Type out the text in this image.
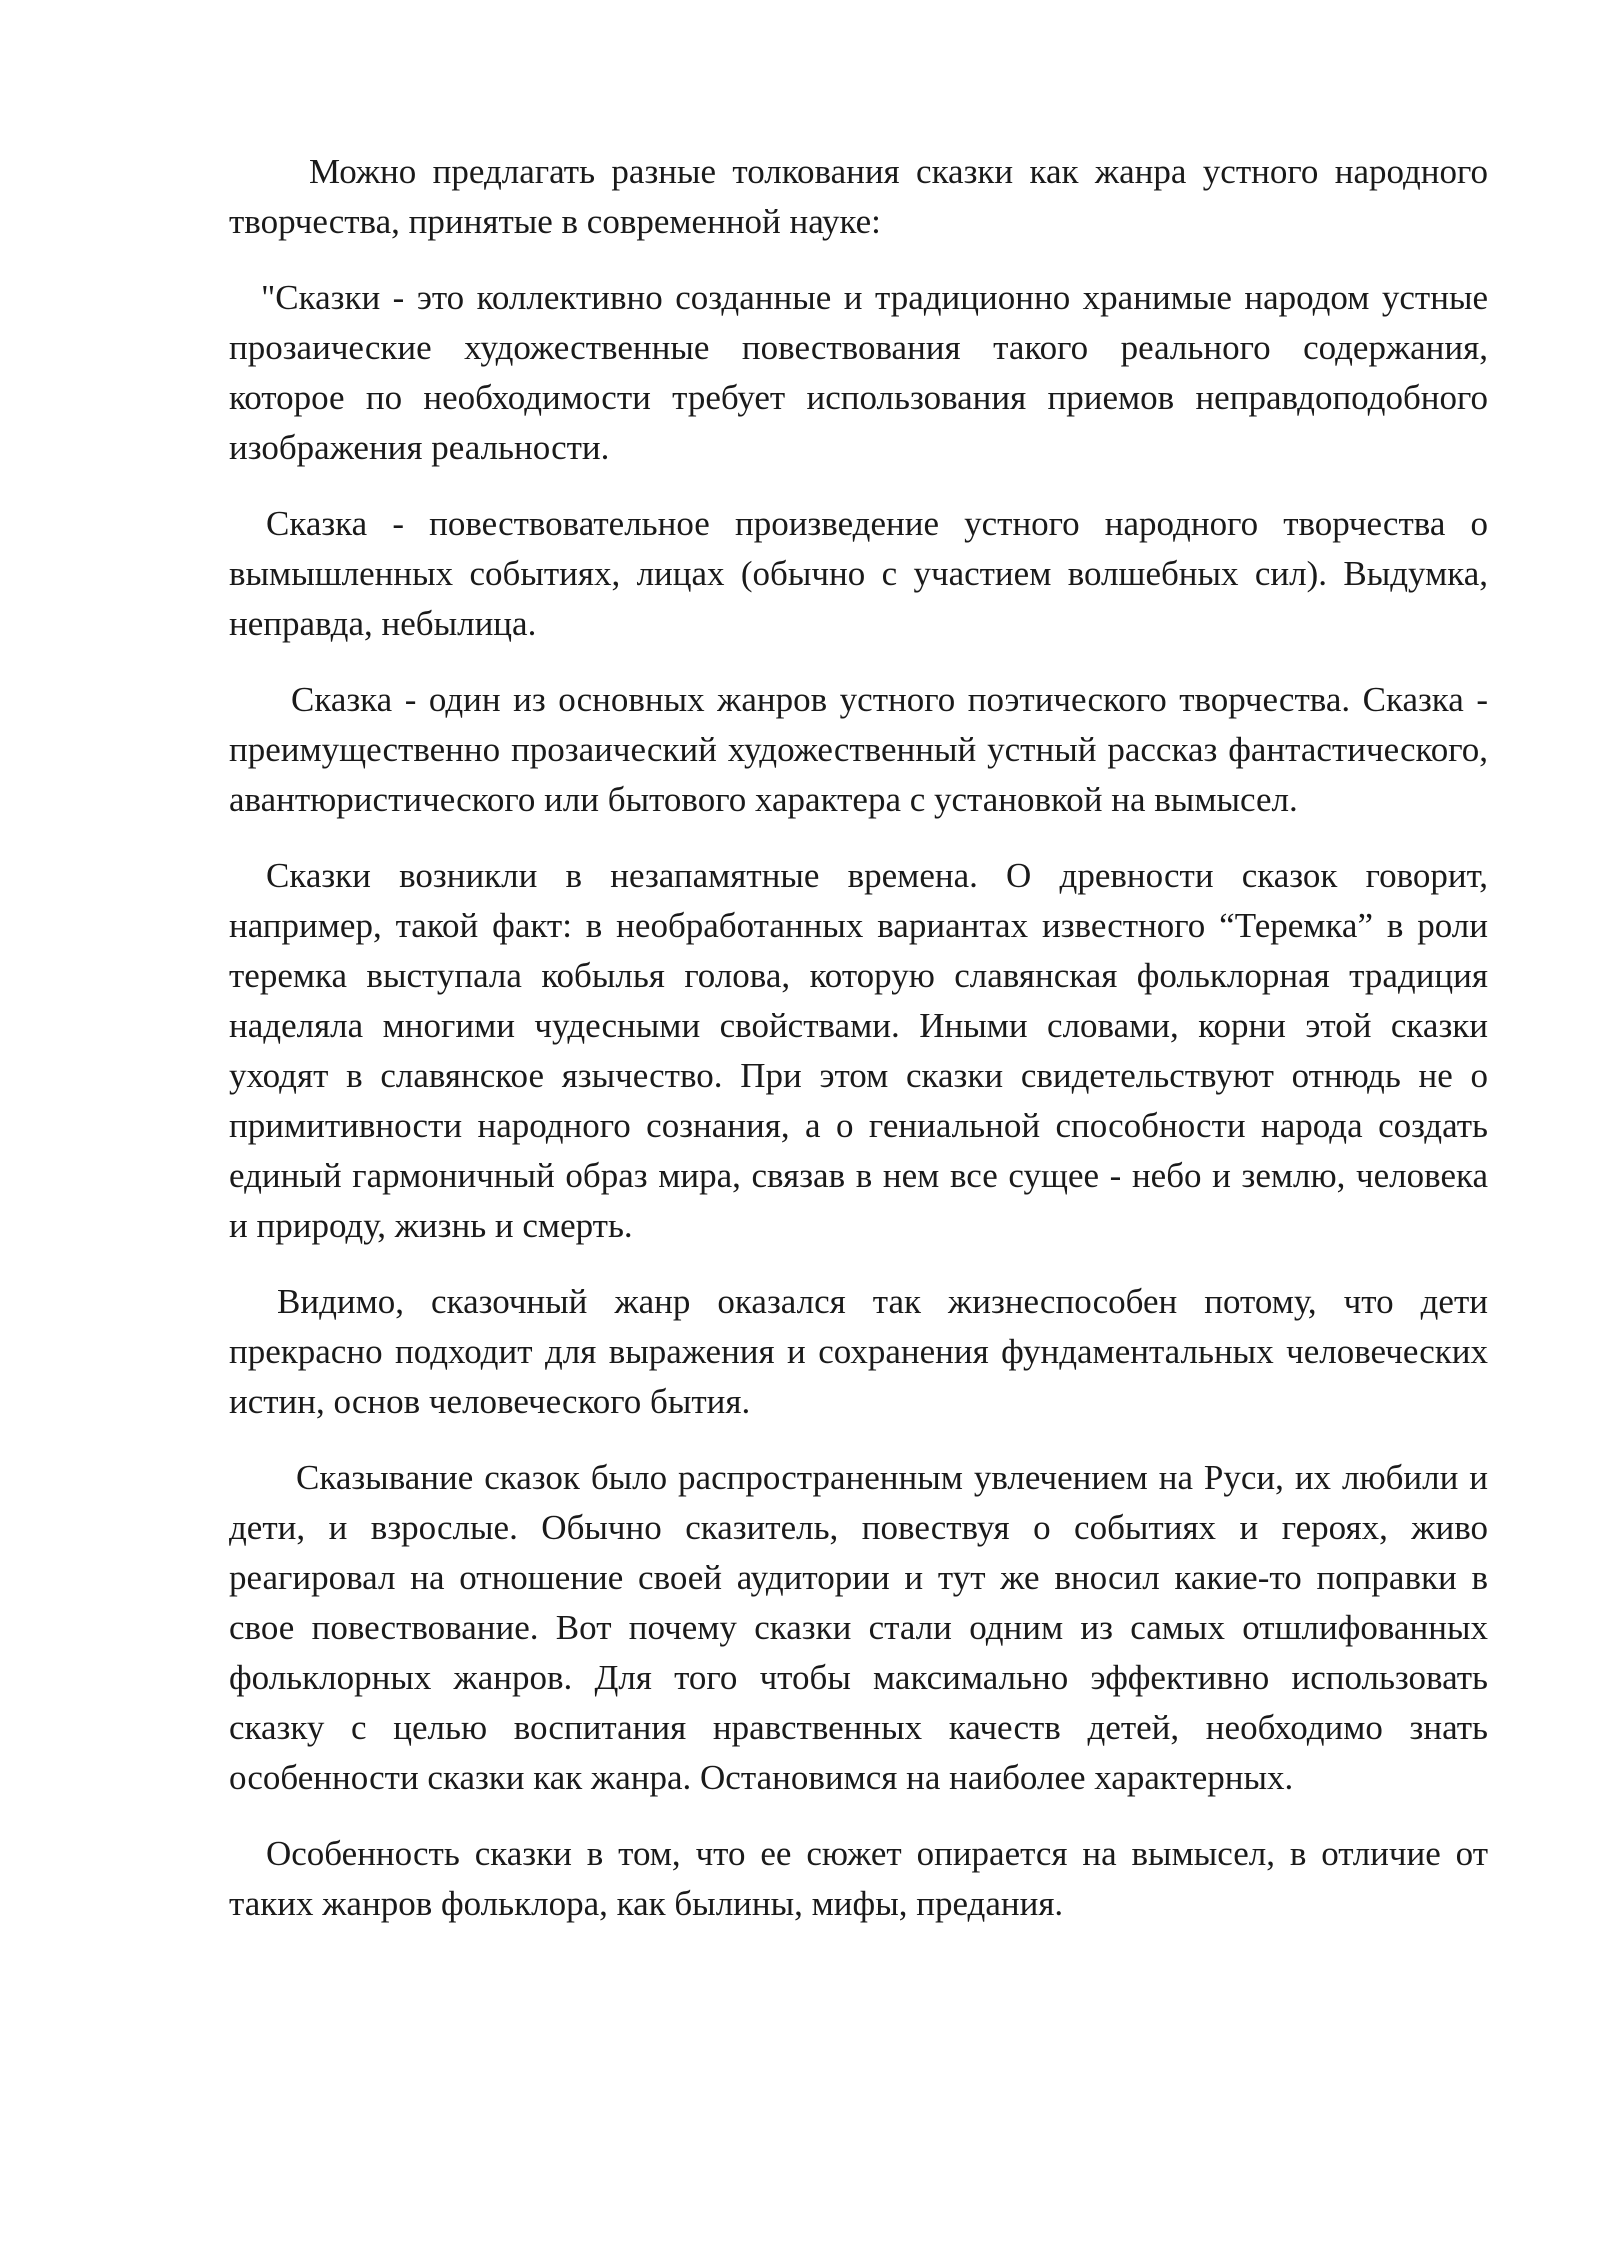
Можно предлагать разные толкования сказки как жанра устного народного творчества, принятые в современной науке:

"Сказки - это коллективно созданные и традиционно хранимые народом устные прозаические художественные повествования такого реального содержания, которое по необходимости требует использования приемов неправдоподобного изображения реальности.

Сказка - повествовательное произведение устного народного творчества о вымышленных событиях, лицах (обычно с участием волшебных сил). Выдумка, неправда, небылица.

Сказка - один из основных жанров устного поэтического творчества. Сказка - преимущественно прозаический художественный устный рассказ фантастического, авантюристического или бытового характера с установкой на вымысел.

Сказки возникли в незапамятные времена. О древности сказок говорит, например, такой факт: в необработанных вариантах известного “Теремка” в роли теремка выступала кобылья голова, которую славянская фольклорная традиция наделяла многими чудесными свойствами. Иными словами, корни этой сказки уходят в славянское язычество. При этом сказки свидетельствуют отнюдь не о примитивности народного сознания, а о гениальной способности народа создать единый гармоничный образ мира, связав в нем все сущее - небо и землю, человека и природу, жизнь и смерть.

Видимо, сказочный жанр оказался так жизнеспособен потому, что дети прекрасно подходит для выражения и сохранения фундаментальных человеческих истин, основ человеческого бытия.

Сказывание сказок было распространенным увлечением на Руси, их любили и дети, и взрослые. Обычно сказитель, повествуя о событиях и героях, живо реагировал на отношение своей аудитории и тут же вносил какие-то поправки в свое повествование. Вот почему сказки стали одним из самых отшлифованных фольклорных жанров. Для того чтобы максимально эффективно использовать сказку с целью воспитания нравственных качеств детей, необходимо знать особенности сказки как жанра. Остановимся на наиболее характерных.

Особенность сказки в том, что ее сюжет опирается на вымысел, в отличие от таких жанров фольклора, как былины, мифы, предания.
